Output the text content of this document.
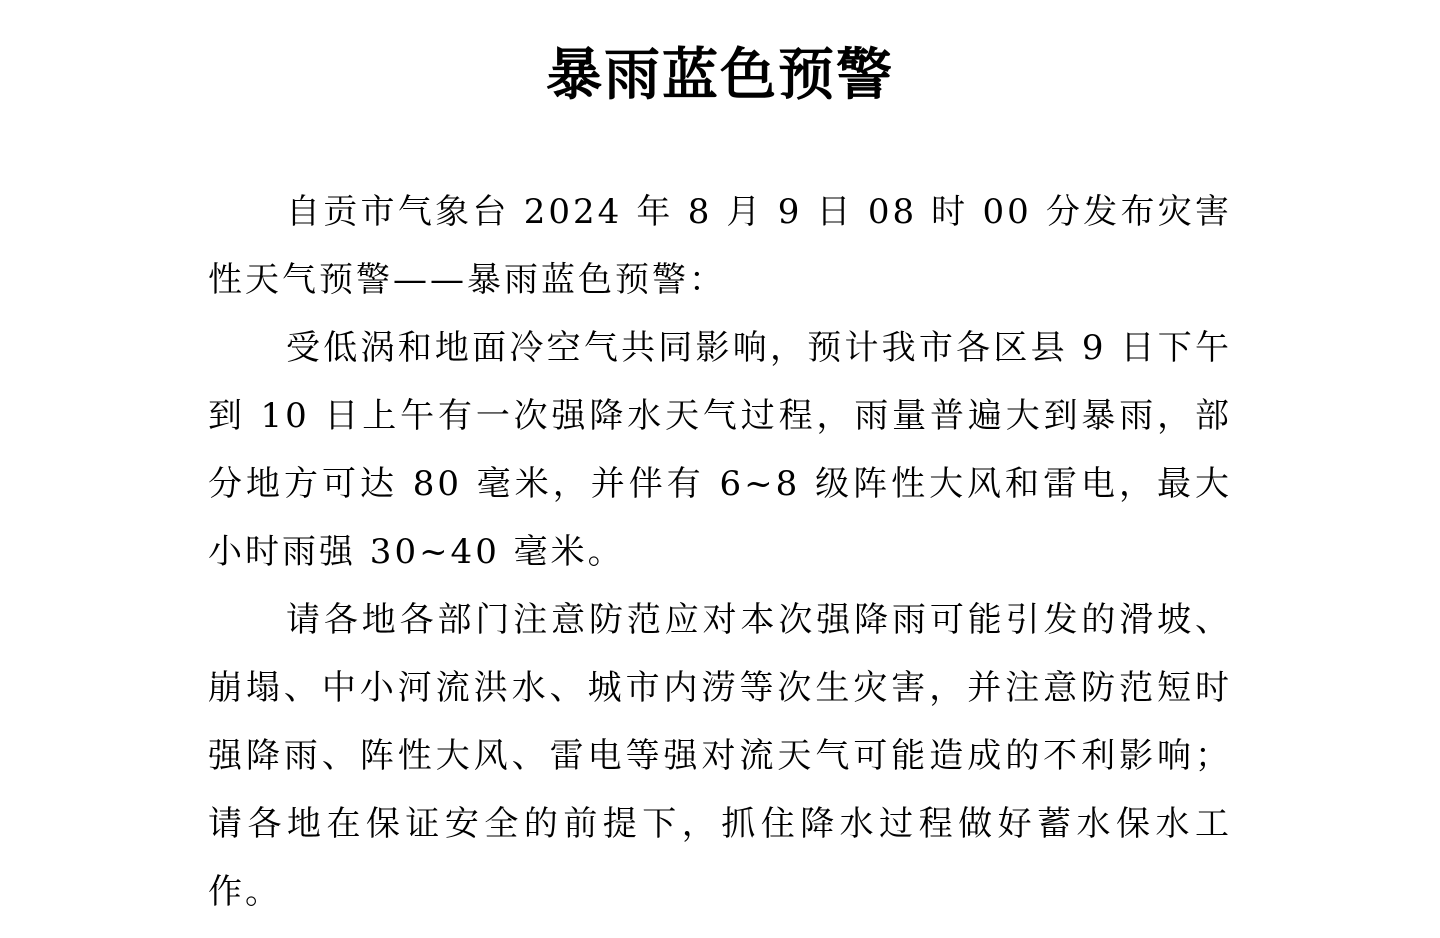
暴雨蓝色预警

自贡市气象台 2024 年 8 月 9 日 08 时 00 分发布灾害性天气预警——暴雨蓝色预警：

受低涡和地面冷空气共同影响，预计我市各区县 9 日下午到 10 日上午有一次强降水天气过程，雨量普遍大到暴雨，部分地方可达 80 毫米，并伴有 6~8 级阵性大风和雷电，最大小时雨强 30~40 毫米。

请各地各部门注意防范应对本次强降雨可能引发的滑坡、崩塌、中小河流洪水、城市内涝等次生灾害，并注意防范短时强降雨、阵性大风、雷电等强对流天气可能造成的不利影响；请各地在保证安全的前提下，抓住降水过程做好蓄水保水工作。
